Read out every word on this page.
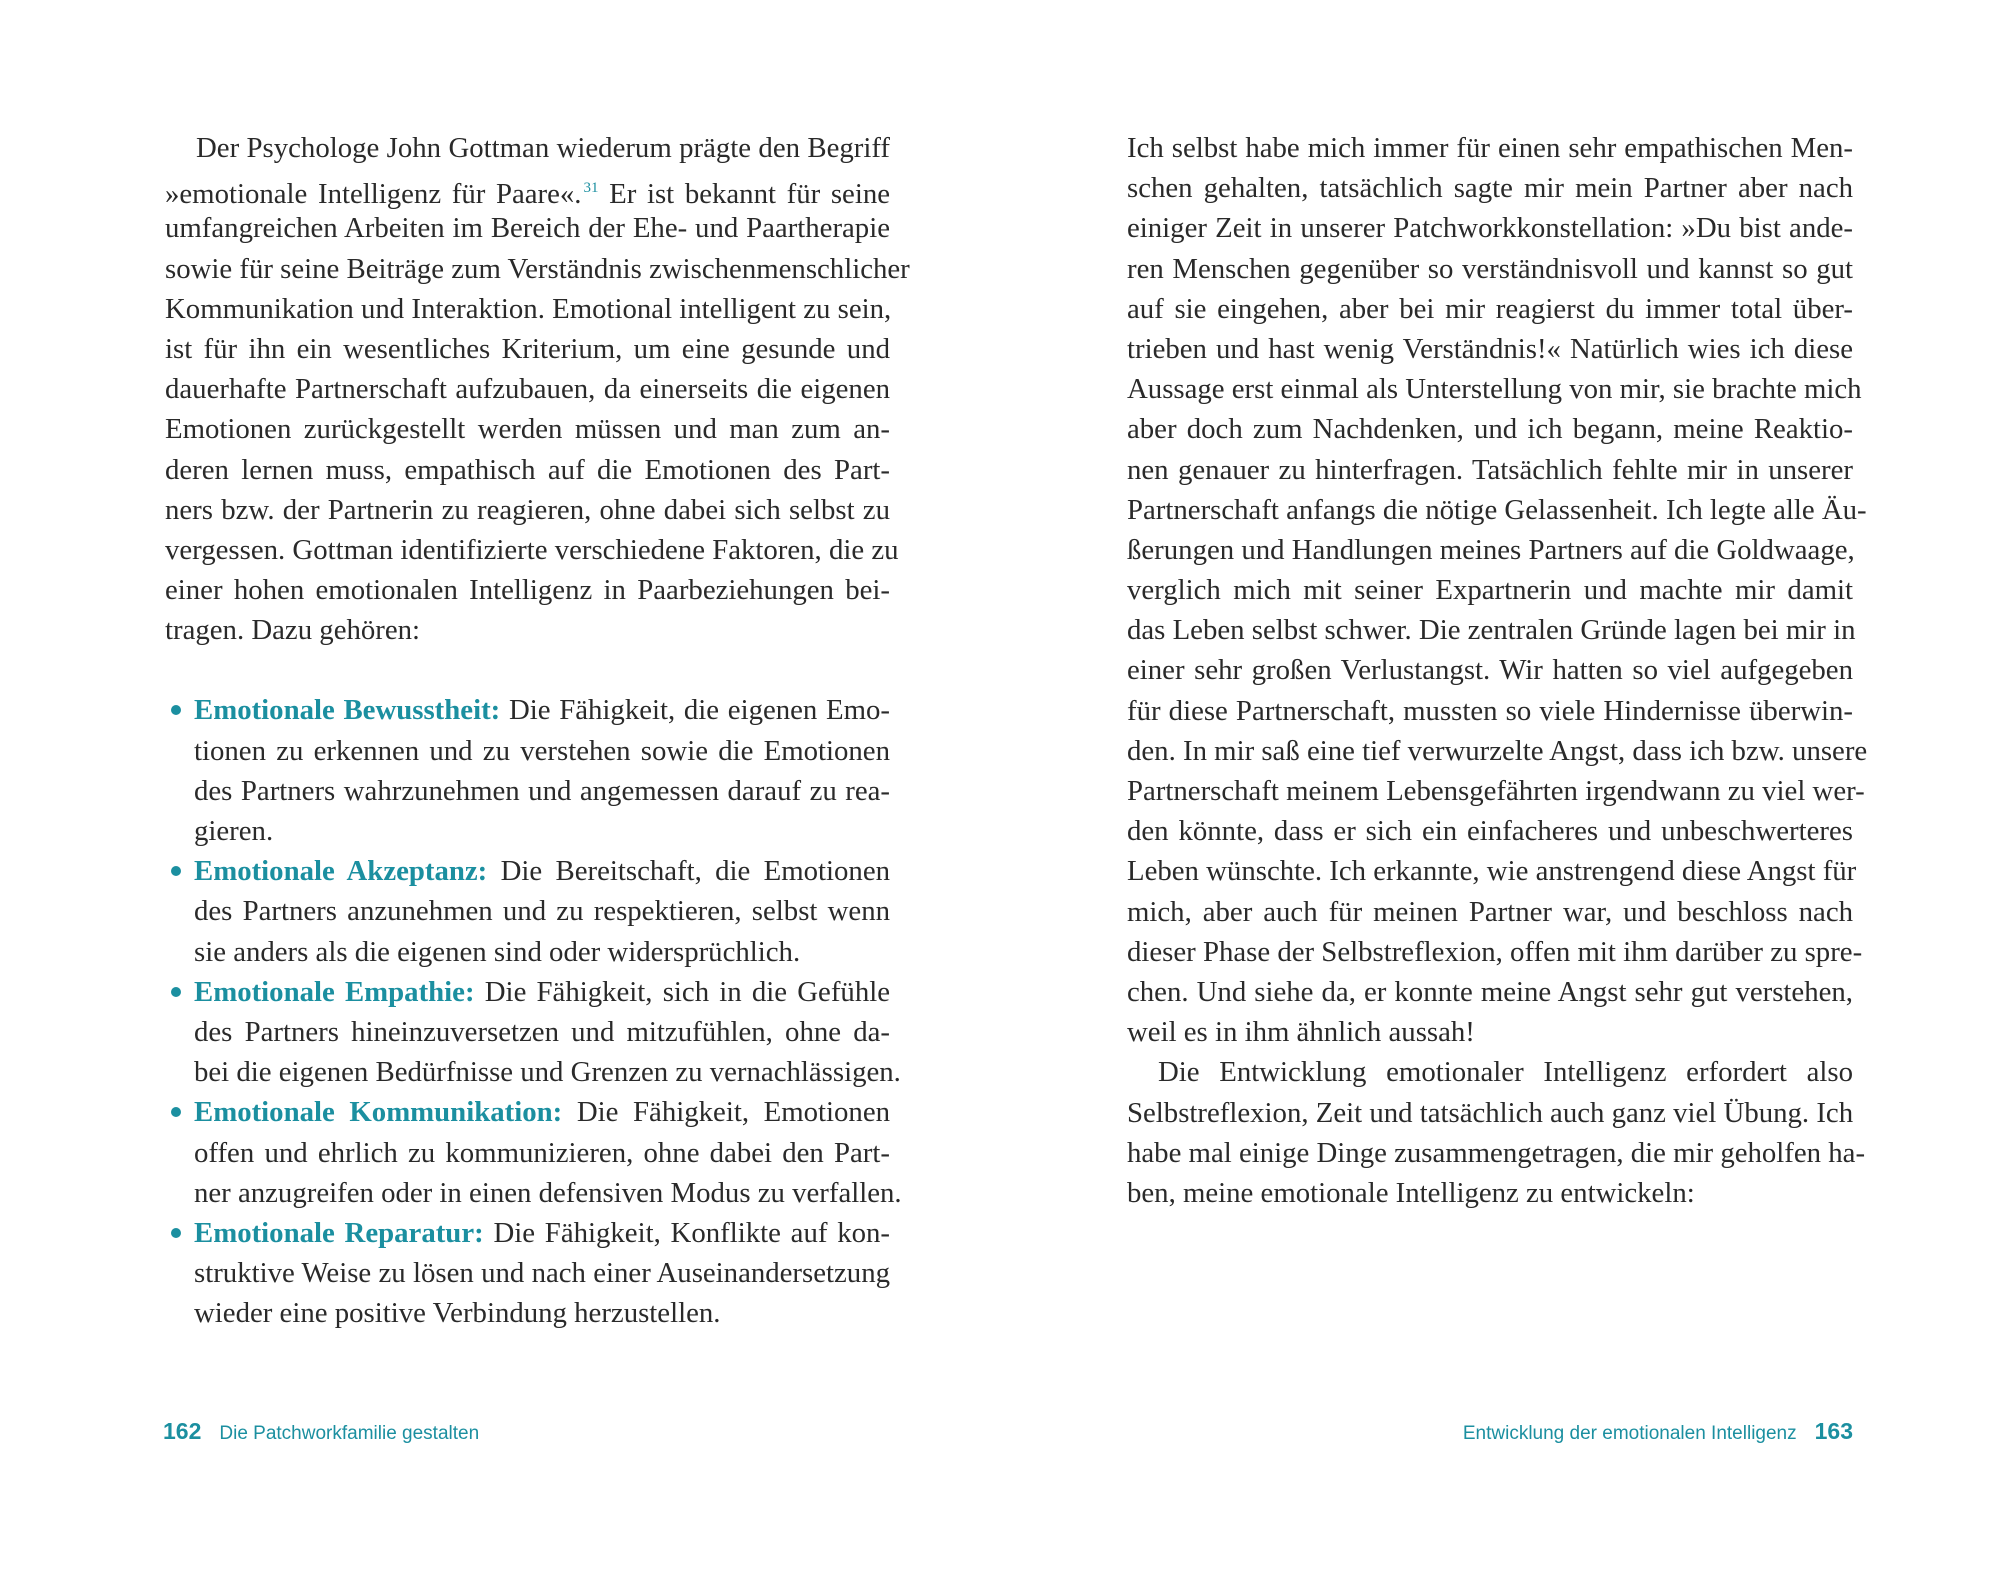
Der Psychologe John Gottman wiederum prägte den Begriff
»emotionale Intelligenz für Paare«. $^{31}$ Er ist bekannt für seine
umfangreichen Arbeiten im Bereich der Ehe- und Paartherapie
sowie für seine Beiträge zum Verständnis zwischenmenschlicher
Kommunikation und Interaktion. Emotional intelligent zu sein,
ist für ihn ein wesentliches Kriterium, um eine gesunde und
dauerhafte Partnerschaft aufzubauen, da einerseits die eigenen
Emotionen zurückgestellt werden müssen und man zum an-
deren lernen muss, empathisch auf die Emotionen des Part-
ners bzw. der Partnerin zu reagieren, ohne dabei sich selbst zu
vergessen. Gottman identifizierte verschiedene Faktoren, die zu
einer hohen emotionalen Intelligenz in Paarbeziehungen bei-
tragen. Dazu gehören:
Emotionale Bewusstheit: Die Fähigkeit, die eigenen Emo-
tionen zu erkennen und zu verstehen sowie die Emotionen
des Partners wahrzunehmen und angemessen darauf zu rea-
gieren.
Emotionale Akzeptanz: Die Bereitschaft, die Emotionen
des Partners anzunehmen und zu respektieren, selbst wenn
sie anders als die eigenen sind oder widersprüchlich.
Emotionale Empathie: Die Fähigkeit, sich in die Gefühle
des Partners hineinzuversetzen und mitzufühlen, ohne da-
bei die eigenen Bedürfnisse und Grenzen zu vernachlässigen.
Emotionale Kommunikation: Die Fähigkeit, Emotionen
offen und ehrlich zu kommunizieren, ohne dabei den Part-
ner anzugreifen oder in einen defensiven Modus zu verfallen.
Emotionale Reparatur: Die Fähigkeit, Konflikte auf kon-
struktive Weise zu lösen und nach einer Auseinandersetzung
wieder eine positive Verbindung herzustellen.
Ich selbst habe mich immer für einen sehr empathischen Men-
schen gehalten, tatsächlich sagte mir mein Partner aber nach
einiger Zeit in unserer Patchworkkonstellation: »Du bist ande-
ren Menschen gegenüber so verständnisvoll und kannst so gut
auf sie eingehen, aber bei mir reagierst du immer total über-
trieben und hast wenig Verständnis!« Natürlich wies ich diese
Aussage erst einmal als Unterstellung von mir, sie brachte mich
aber doch zum Nachdenken, und ich begann, meine Reaktio-
nen genauer zu hinterfragen. Tatsächlich fehlte mir in unserer
Partnerschaft anfangs die nötige Gelassenheit. Ich legte alle Äu-
ßerungen und Handlungen meines Partners auf die Goldwaage,
verglich mich mit seiner Expartnerin und machte mir damit
das Leben selbst schwer. Die zentralen Gründe lagen bei mir in
einer sehr großen Verlustangst. Wir hatten so viel aufgegeben
für diese Partnerschaft, mussten so viele Hindernisse überwin-
den. In mir saß eine tief verwurzelte Angst, dass ich bzw. unsere
Partnerschaft meinem Lebensgefährten irgendwann zu viel wer-
den könnte, dass er sich ein einfacheres und unbeschwerteres
Leben wünschte. Ich erkannte, wie anstrengend diese Angst für
mich, aber auch für meinen Partner war, und beschloss nach
dieser Phase der Selbstreflexion, offen mit ihm darüber zu spre-
chen. Und siehe da, er konnte meine Angst sehr gut verstehen,
weil es in ihm ähnlich aussah!
Die Entwicklung emotionaler Intelligenz erfordert also
Selbstreflexion, Zeit und tatsächlich auch ganz viel Übung. Ich
habe mal einige Dinge zusammengetragen, die mir geholfen ha-
ben, meine emotionale Intelligenz zu entwickeln:
162 Die Patchworkfamilie gestalten	Entwicklung der emotionalen Intelligenz 163
